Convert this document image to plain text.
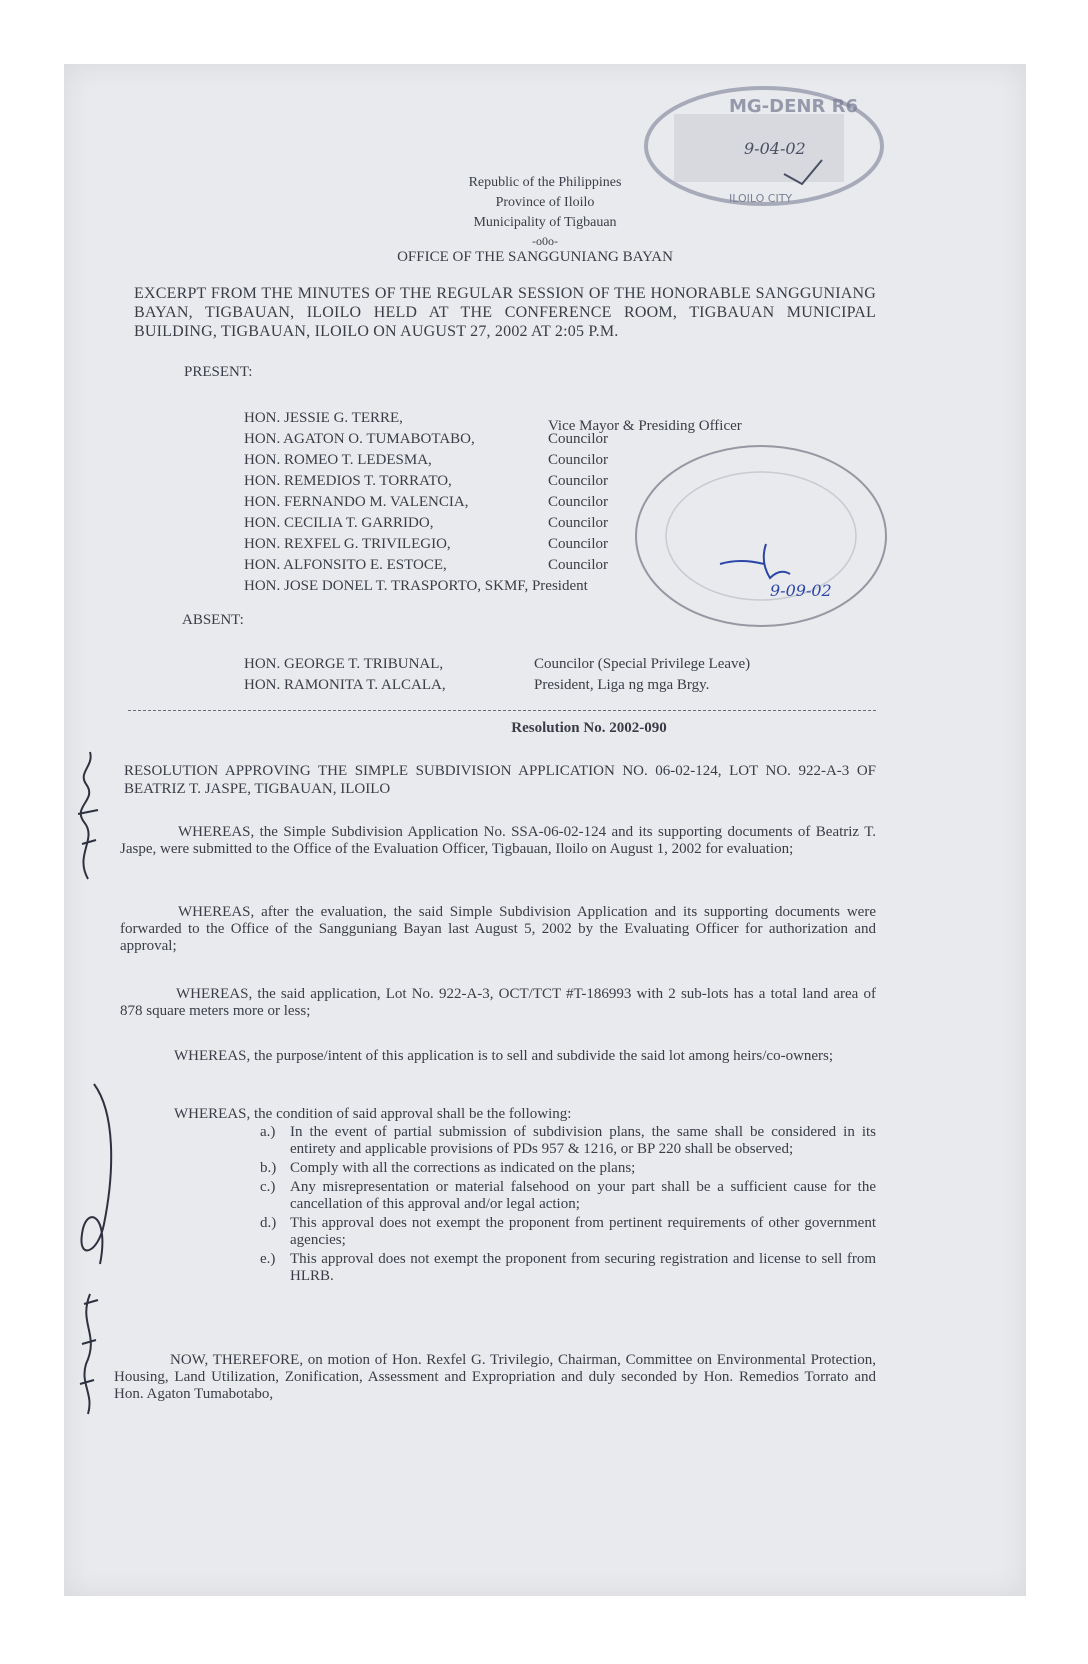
MG-DENR R6
9-04-02
ILOILO CITY
Republic of the Philippines
Province of Iloilo
Municipality of Tigbauan
-o0o-
OFFICE OF THE SANGGUNIANG BAYAN
EXCERPT FROM THE MINUTES OF THE REGULAR SESSION OF THE HONORABLE SANGGUNIANG BAYAN, TIGBAUAN, ILOILO HELD AT THE CONFERENCE ROOM, TIGBAUAN MUNICIPAL BUILDING, TIGBAUAN, ILOILO ON AUGUST 27, 2002 AT 2:05 P.M.
PRESENT:
HON. JESSIE G. TERRE,	Vice Mayor & Presiding Officer
HON. AGATON O. TUMABOTABO,	Councilor
HON. ROMEO T. LEDESMA,	Councilor
HON. REMEDIOS T. TORRATO,	Councilor
HON. FERNANDO M. VALENCIA,	Councilor
HON. CECILIA T. GARRIDO,	Councilor
HON. REXFEL G. TRIVILEGIO,	Councilor
HON. ALFONSITO E. ESTOCE,	Councilor
HON. JOSE DONEL T. TRASPORTO, SKMF, President	9-09-02
ABSENT:
HON. GEORGE T. TRIBUNAL,	Councilor (Special Privilege Leave)
HON. RAMONITA T. ALCALA,	President, Liga ng mga Brgy.
Resolution No. 2002-090
RESOLUTION APPROVING THE SIMPLE SUBDIVISION APPLICATION NO. 06-02-124, LOT NO. 922-A-3 OF BEATRIZ T. JASPE, TIGBAUAN, ILOILO
WHEREAS, the Simple Subdivision Application No. SSA-06-02-124 and its supporting documents of Beatriz T. Jaspe, were submitted to the Office of the Evaluation Officer, Tigbauan, Iloilo on August 1, 2002 for evaluation;
WHEREAS, after the evaluation, the said Simple Subdivision Application and its supporting documents were forwarded to the Office of the Sangguniang Bayan last August 5, 2002 by the Evaluating Officer for authorization and approval;
WHEREAS, the said application, Lot No. 922-A-3, OCT/TCT #T-186993 with 2 sub-lots has a total land area of 878 square meters more or less;
WHEREAS, the purpose/intent of this application is to sell and subdivide the said lot among heirs/co-owners;
WHEREAS, the condition of said approval shall be the following:
a.) In the event of partial submission of subdivision plans, the same shall be considered in its entirety and applicable provisions of PDs 957 & 1216, or BP 220 shall be observed;
b.) Comply with all the corrections as indicated on the plans;
c.) Any misrepresentation or material falsehood on your part shall be a sufficient cause for the cancellation of this approval and/or legal action;
d.) This approval does not exempt the proponent from pertinent requirements of other government agencies;
e.) This approval does not exempt the proponent from securing registration and license to sell from HLRB.
NOW, THEREFORE, on motion of Hon. Rexfel G. Trivilegio, Chairman, Committee on Environmental Protection, Housing, Land Utilization, Zonification, Assessment and Expropriation and duly seconded by Hon. Remedios Torrato and Hon. Agaton Tumabotabo,
